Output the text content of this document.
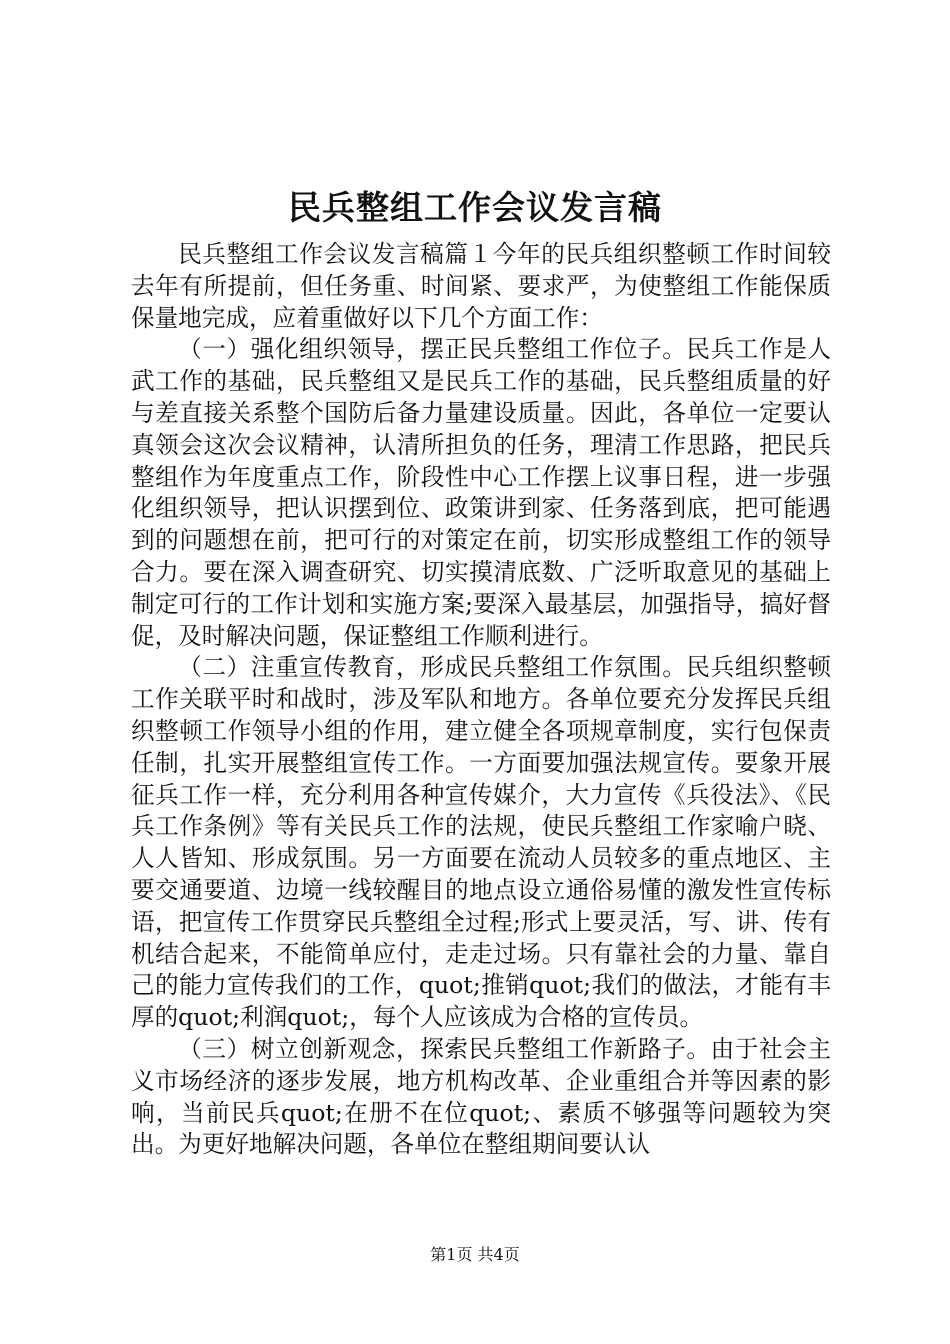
民兵整组工作会议发言稿

民兵整组工作会议发言稿篇１今年的民兵组织整顿工作时间较去年有所提前，但任务重、时间紧、要求严，为使整组工作能保质保量地完成，应着重做好以下几个方面工作：

（一）强化组织领导，摆正民兵整组工作位子。民兵工作是人武工作的基础，民兵整组又是民兵工作的基础，民兵整组质量的好与差直接关系整个国防后备力量建设质量。因此，各单位一定要认真领会这次会议精神，认清所担负的任务，理清工作思路，把民兵整组作为年度重点工作，阶段性中心工作摆上议事日程，进一步强化组织领导，把认识摆到位、政策讲到家、任务落到底，把可能遇到的问题想在前，把可行的对策定在前，切实形成整组工作的领导合力。要在深入调查研究、切实摸清底数、广泛听取意见的基础上制定可行的工作计划和实施方案;要深入最基层，加强指导，搞好督促，及时解决问题，保证整组工作顺利进行。

（二）注重宣传教育，形成民兵整组工作氛围。民兵组织整顿工作关联平时和战时，涉及军队和地方。各单位要充分发挥民兵组织整顿工作领导小组的作用，建立健全各项规章制度，实行包保责任制，扎实开展整组宣传工作。一方面要加强法规宣传。要象开展征兵工作一样，充分利用各种宣传媒介，大力宣传《兵役法》、《民兵工作条例》等有关民兵工作的法规，使民兵整组工作家喻户晓、人人皆知、形成氛围。另一方面要在流动人员较多的重点地区、主要交通要道、边境一线较醒目的地点设立通俗易懂的激发性宣传标语，把宣传工作贯穿民兵整组全过程;形式上要灵活，写、讲、传有机结合起来，不能简单应付，走走过场。只有靠社会的力量、靠自己的能力宣传我们的工作，quot;推销quot;我们的做法，才能有丰厚的quot;利润quot;，每个人应该成为合格的宣传员。

（三）树立创新观念，探索民兵整组工作新路子。由于社会主义市场经济的逐步发展，地方机构改革、企业重组合并等因素的影响，当前民兵quot;在册不在位quot;、素质不够强等问题较为突出。为更好地解决问题，各单位在整组期间要认认

第1页 共4页
